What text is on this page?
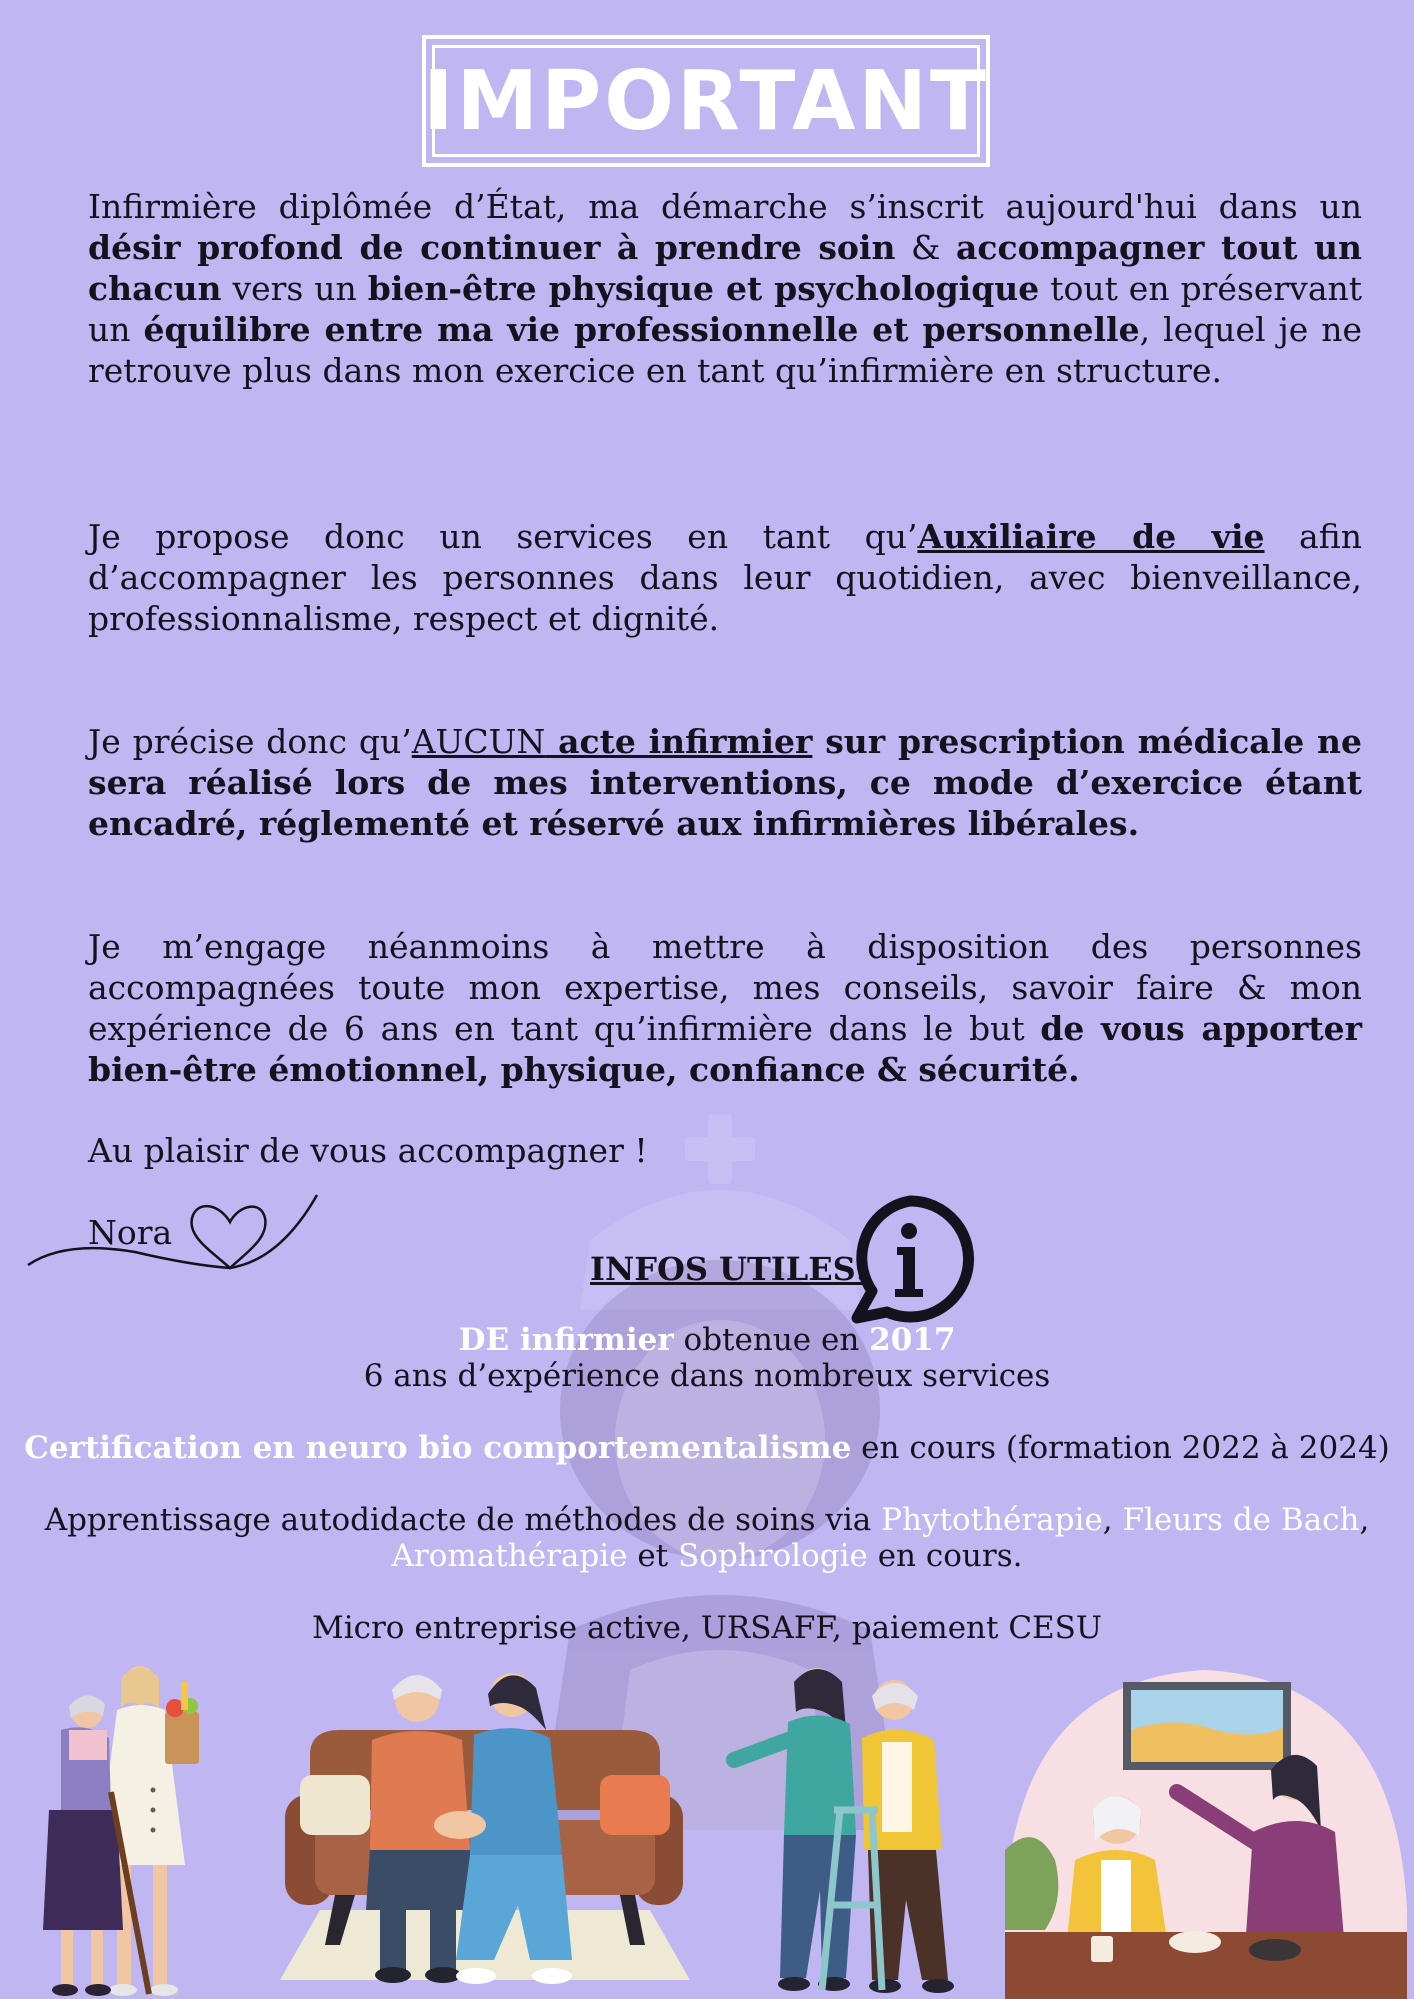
IMPORTANT

Infirmière diplômée d’État, ma démarche s’inscrit aujourd'hui dans un désir profond de continuer à prendre soin & accompagner tout un chacun vers un bien-être physique et psychologique tout en préservant un équilibre entre ma vie professionnelle et personnelle, lequel je ne retrouve plus dans mon exercice en tant qu’infirmière en structure.

Je propose donc un services en tant qu’Auxiliaire de vie afin d’accompagner les personnes dans leur quotidien, avec bienveillance, professionnalisme, respect et dignité.

Je précise donc qu’AUCUN acte infirmier sur prescription médicale ne sera réalisé lors de mes interventions, ce mode d’exercice étant encadré, réglementé et réservé aux infirmières libérales.

Je m’engage néanmoins à mettre à disposition des personnes accompagnées toute mon expertise, mes conseils, savoir faire & mon expérience de 6 ans en tant qu’infirmière dans le but de vous apporter bien-être émotionnel, physique, confiance & sécurité.

Au plaisir de vous accompagner !
Nora
INFOS UTILES:
DE infirmier obtenue en 2017
6 ans d’expérience dans nombreux services
Certification en neuro bio comportementalisme en cours (formation 2022 à 2024)
Apprentissage autodidacte de méthodes de soins via Phytothérapie, Fleurs de Bach,
Aromathérapie et Sophrologie en cours.
Micro entreprise active, URSAFF, paiement CESU
